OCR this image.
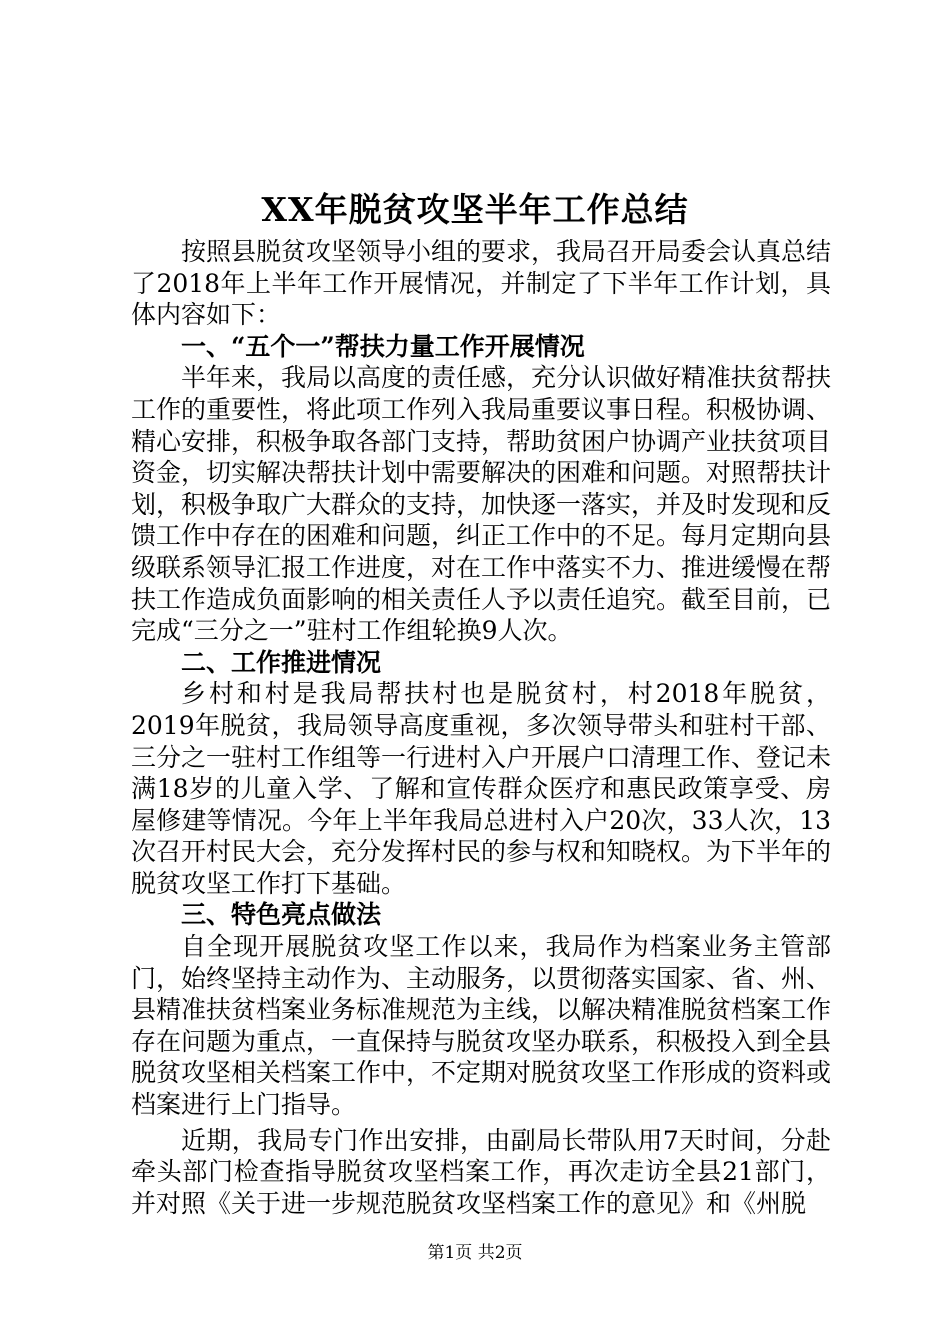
XX年脱贫攻坚半年工作总结

按照县脱贫攻坚领导小组的要求，我局召开局委会认真总结了2018年上半年工作开展情况，并制定了下半年工作计划，具体内容如下：

一、“五个一”帮扶力量工作开展情况

半年来，我局以高度的责任感，充分认识做好精准扶贫帮扶工作的重要性，将此项工作列入我局重要议事日程。积极协调、精心安排，积极争取各部门支持，帮助贫困户协调产业扶贫项目资金，切实解决帮扶计划中需要解决的困难和问题。对照帮扶计划，积极争取广大群众的支持，加快逐一落实，并及时发现和反馈工作中存在的困难和问题，纠正工作中的不足。每月定期向县级联系领导汇报工作进度，对在工作中落实不力、推进缓慢在帮扶工作造成负面影响的相关责任人予以责任追究。截至目前，已完成“三分之一”驻村工作组轮换9人次。

二、工作推进情况

乡村和村是我局帮扶村也是脱贫村，村2018年脱贫，2019年脱贫，我局领导高度重视，多次领导带头和驻村干部、三分之一驻村工作组等一行进村入户开展户口清理工作、登记未满18岁的儿童入学、了解和宣传群众医疗和惠民政策享受、房屋修建等情况。今年上半年我局总进村入户20次，33人次，13次召开村民大会，充分发挥村民的参与权和知晓权。为下半年的脱贫攻坚工作打下基础。

三、特色亮点做法

自全现开展脱贫攻坚工作以来，我局作为档案业务主管部门，始终坚持主动作为、主动服务，以贯彻落实国家、省、州、县精准扶贫档案业务标准规范为主线，以解决精准脱贫档案工作存在问题为重点，一直保持与脱贫攻坚办联系，积极投入到全县脱贫攻坚相关档案工作中，不定期对脱贫攻坚工作形成的资料或档案进行上门指导。

近期，我局专门作出安排，由副局长带队用7天时间，分赴牵头部门检查指导脱贫攻坚档案工作，再次走访全县21部门，并对照《关于进一步规范脱贫攻坚档案工作的意见》和《州脱

第1页 共2页
